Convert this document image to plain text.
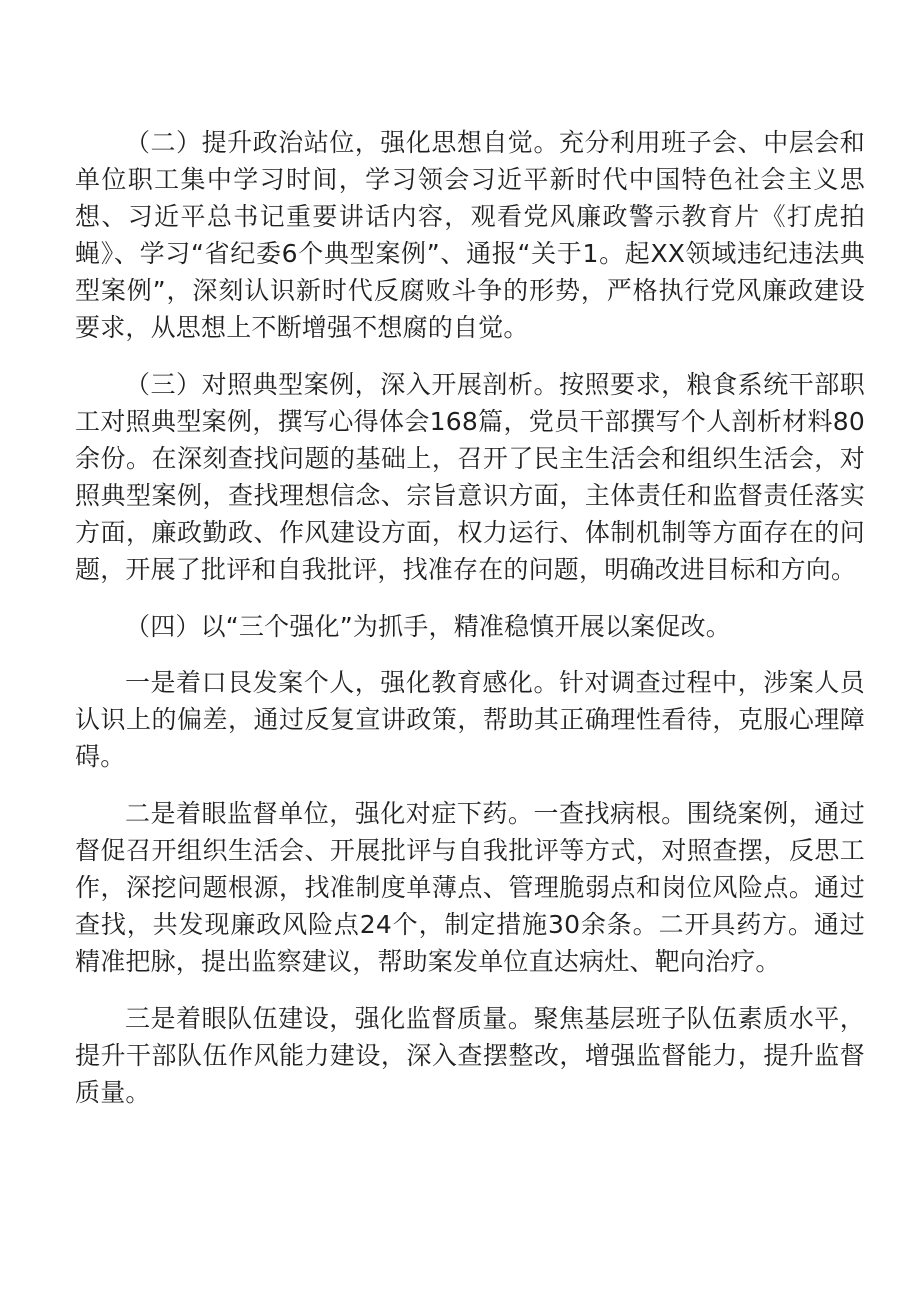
（二）提升政治站位，强化思想自觉。充分利用班子会、中层会和单位职工集中学习时间，学习领会习近平新时代中国特色社会主义思想、习近平总书记重要讲话内容，观看党风廉政警示教育片《打虎拍蝇》、学习“省纪委6个典型案例”、通报“关于1。起XX领域违纪违法典型案例”，深刻认识新时代反腐败斗争的形势，严格执行党风廉政建设要求，从思想上不断增强不想腐的自觉。

（三）对照典型案例，深入开展剖析。按照要求，粮食系统干部职工对照典型案例，撰写心得体会168篇，党员干部撰写个人剖析材料80余份。在深刻查找问题的基础上，召开了民主生活会和组织生活会，对照典型案例，查找理想信念、宗旨意识方面，主体责任和监督责任落实方面，廉政勤政、作风建设方面，权力运行、体制机制等方面存在的问题，开展了批评和自我批评，找准存在的问题，明确改进目标和方向。

（四）以“三个强化”为抓手，精准稳慎开展以案促改。

一是着口艮发案个人，强化教育感化。针对调查过程中，涉案人员认识上的偏差，通过反复宣讲政策，帮助其正确理性看待，克服心理障碍。

二是着眼监督单位，强化对症下药。一查找病根。围绕案例，通过督促召开组织生活会、开展批评与自我批评等方式，对照查摆，反思工作，深挖问题根源，找准制度单薄点、管理脆弱点和岗位风险点。通过查找，共发现廉政风险点24个，制定措施30余条。二开具药方。通过精准把脉，提出监察建议，帮助案发单位直达病灶、靶向治疗。

三是着眼队伍建设，强化监督质量。聚焦基层班子队伍素质水平，提升干部队伍作风能力建设，深入查摆整改，增强监督能力，提升监督质量。
